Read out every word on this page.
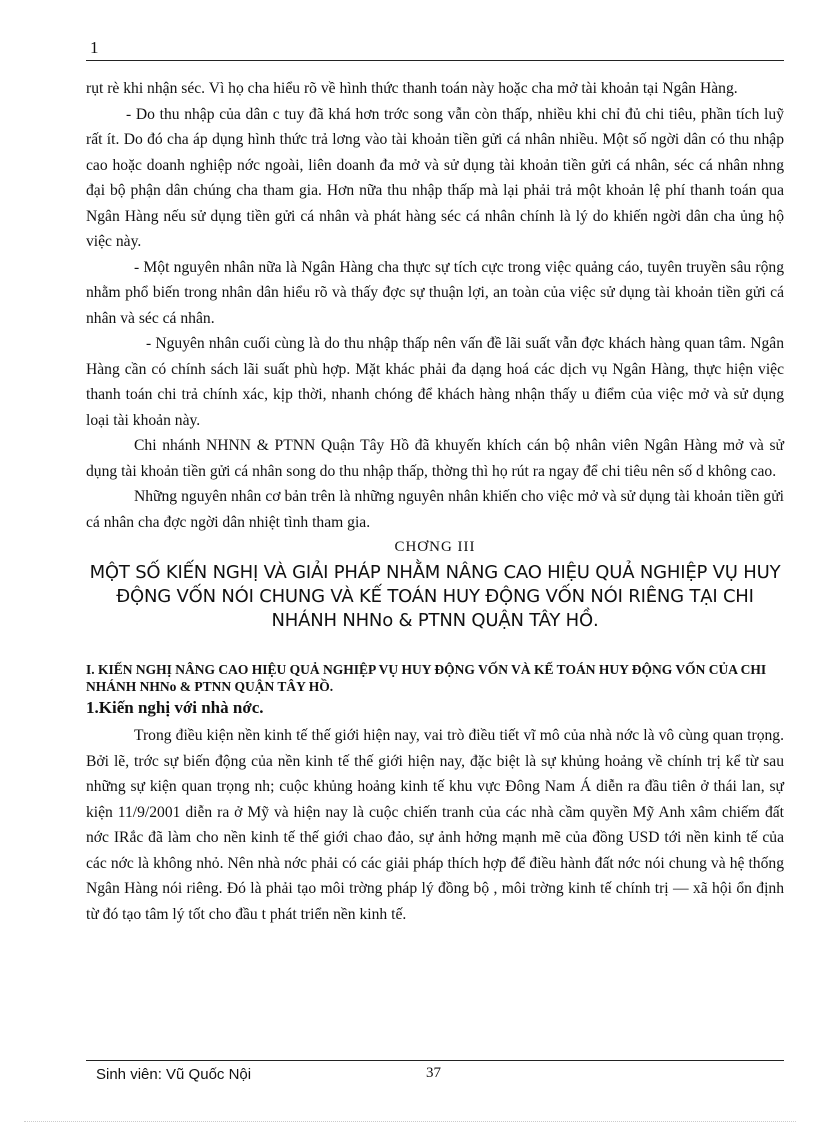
1

rụt rè khi nhận séc. Vì họ cha hiểu rõ về hình thức thanh toán này hoặc cha mở tài khoản tại Ngân Hàng.

- Do thu nhập của dân c tuy đã khá hơn trớc song vẫn còn thấp, nhiều khi chỉ đủ chi tiêu, phần tích luỹ rất ít. Do đó cha áp dụng hình thức trả lơng vào tài khoản tiền gửi cá nhân nhiều. Một số ngời dân có thu nhập cao hoặc doanh nghiệp nớc ngoài, liên doanh đa mở và sử dụng tài khoản tiền gửi cá nhân, séc cá nhân nhng đại bộ phận dân chúng cha tham gia. Hơn nữa thu nhập thấp mà lại phải trả một khoản lệ phí thanh toán qua Ngân Hàng nếu sử dụng tiền gửi cá nhân và phát hàng séc cá nhân chính là lý do khiến ngời dân cha ủng hộ việc này.

- Một nguyên nhân nữa là Ngân Hàng cha thực sự tích cực trong việc quảng cáo, tuyên truyền sâu rộng nhằm phổ biến trong nhân dân hiểu rõ và thấy đợc sự thuận lợi, an toàn của việc sử dụng tài khoản tiền gửi cá nhân và séc cá nhân.

- Nguyên nhân cuối cùng là do thu nhập thấp nên vấn đề lãi suất vẫn đợc khách hàng quan tâm. Ngân Hàng cần có chính sách lãi suất phù hợp. Mặt khác phải đa dạng hoá các dịch vụ Ngân Hàng, thực hiện việc thanh toán chi trả chính xác, kịp thời, nhanh chóng để khách hàng nhận thấy u điểm của việc mở và sử dụng loại tài khoản này.

Chi nhánh NHNN & PTNN Quận Tây Hồ đã khuyến khích cán bộ nhân viên Ngân Hàng mở và sử dụng tài khoản tiền gửi cá nhân song do thu nhập thấp, thờng thì họ rút ra ngay để chi tiêu nên số d không cao.

Những nguyên nhân cơ bản trên là những nguyên nhân khiến cho việc mở và sử dụng tài khoản tiền gửi cá nhân cha đợc ngời dân nhiệt tình tham gia.

CHƠNG III
MỘT SỐ KIẾN NGHỊ VÀ GIẢI PHÁP NHẰM NÂNG CAO HIỆU QUẢ NGHIỆP VỤ HUY ĐỘNG VỐN NÓI CHUNG VÀ KẾ TOÁN HUY ĐỘNG VỐN NÓI RIÊNG TẠI CHI NHÁNH NHNo & PTNN QUẬN TÂY HỒ.
I. KIẾN NGHỊ NÂNG CAO HIỆU QUẢ NGHIỆP VỤ HUY ĐỘNG VỐN VÀ KẾ TOÁN HUY ĐỘNG VỐN CỦA CHI NHÁNH NHNo & PTNN QUẬN TÂY HỒ.
1.Kiến nghị với nhà nớc.

Trong điều kiện nền kinh tế thế giới hiện nay, vai trò điều tiết vĩ mô của nhà nớc là vô cùng quan trọng. Bởi lẽ, trớc sự biến động của nền kinh tế thế giới hiện nay, đặc biệt là sự khủng hoảng về chính trị kể từ sau những sự kiện quan trọng nh; cuộc khủng hoảng kinh tế khu vực Đông Nam Á diễn ra đầu tiên ở thái lan, sự kiện 11/9/2001 diễn ra ở Mỹ và hiện nay là cuộc chiến tranh của các nhà cầm quyền Mỹ Anh xâm chiếm đất nớc IRắc đã làm cho nền kinh tế thế giới chao đảo, sự ảnh hởng mạnh mẽ của đồng USD tới nền kinh tế của các nớc là không nhỏ. Nên nhà nớc phải có các giải pháp thích hợp để điều hành đất nớc nói chung và hệ thống Ngân Hàng nói riêng. Đó là phải tạo môi trờng pháp lý đồng bộ , môi trờng kinh tế chính trị — xã hội ổn định từ đó tạo tâm lý tốt cho đầu t phát triển nền kinh tế.

Sinh viên: Vũ Quốc Nội	37
